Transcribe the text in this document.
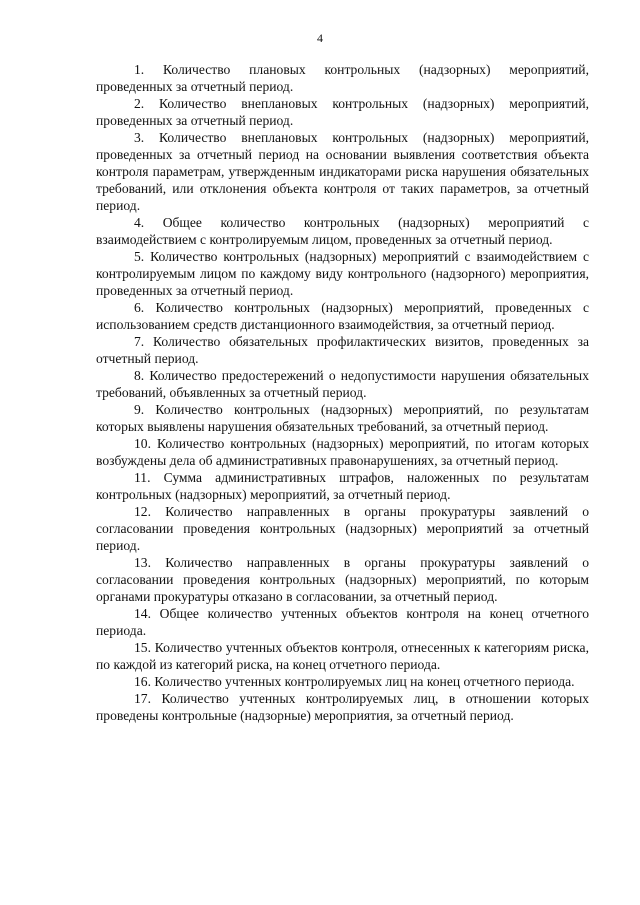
4

1. Количество плановых контрольных (надзорных) мероприятий, проведенных за отчетный период.

2. Количество внеплановых контрольных (надзорных) мероприятий, проведенных за отчетный период.

3. Количество внеплановых контрольных (надзорных) мероприятий, проведенных за отчетный период на основании выявления соответствия объекта контроля параметрам, утвержденным индикаторами риска нарушения обязательных требований, или отклонения объекта контроля от таких параметров, за отчетный период.

4. Общее количество контрольных (надзорных) мероприятий с взаимодействием с контролируемым лицом, проведенных за отчетный период.

5. Количество контрольных (надзорных) мероприятий с взаимодействием с контролируемым лицом по каждому виду контрольного (надзорного) мероприятия, проведенных за отчетный период.

6. Количество контрольных (надзорных) мероприятий, проведенных с использованием средств дистанционного взаимодействия, за отчетный период.

7. Количество обязательных профилактических визитов, проведенных за отчетный период.

8. Количество предостережений о недопустимости нарушения обязательных требований, объявленных за отчетный период.

9. Количество контрольных (надзорных) мероприятий, по результатам которых выявлены нарушения обязательных требований, за отчетный период.

10. Количество контрольных (надзорных) мероприятий, по итогам которых возбуждены дела об административных правонарушениях, за отчетный период.

11. Сумма административных штрафов, наложенных по результатам контрольных (надзорных) мероприятий, за отчетный период.

12. Количество направленных в органы прокуратуры заявлений о согласовании проведения контрольных (надзорных) мероприятий за отчетный период.

13. Количество направленных в органы прокуратуры заявлений о согласовании проведения контрольных (надзорных) мероприятий, по которым органами прокуратуры отказано в согласовании, за отчетный период.

14. Общее количество учтенных объектов контроля на конец отчетного периода.

15. Количество учтенных объектов контроля, отнесенных к категориям риска, по каждой из категорий риска, на конец отчетного периода.

16. Количество учтенных контролируемых лиц на конец отчетного периода.

17. Количество учтенных контролируемых лиц, в отношении которых проведены контрольные (надзорные) мероприятия, за отчетный период.
